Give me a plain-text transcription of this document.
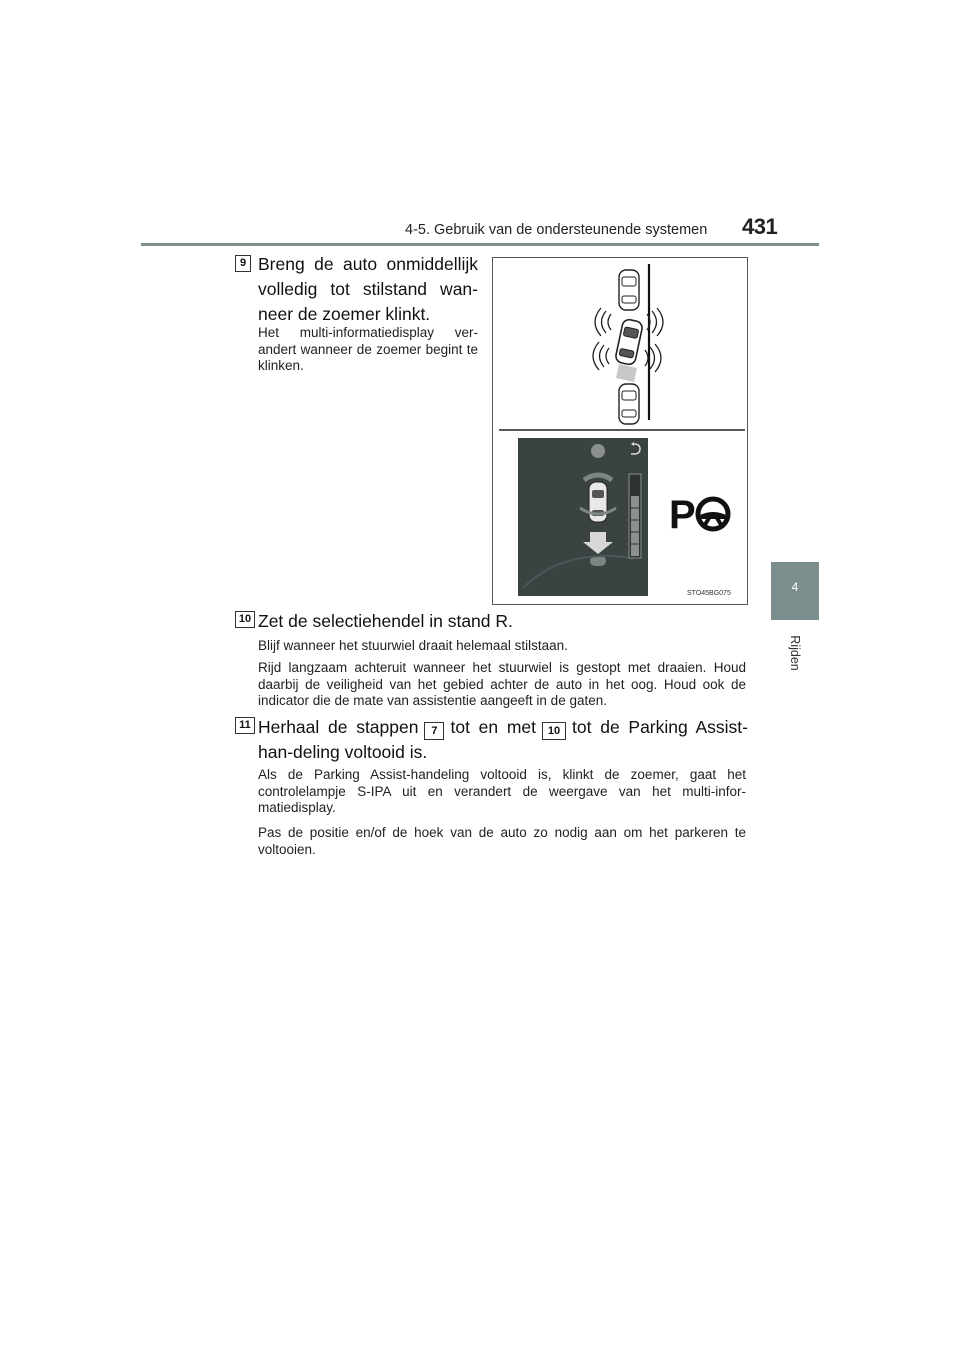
4-5. Gebruik van de ondersteunende systemen 431
4
Rijden
9 Breng de auto onmiddellijk volledig tot stilstand wan-neer de zoemer klinkt.
Het multi-informatiedisplay ver-andert wanneer de zoemer begint te klinken.
P
STO45BG075
10 Zet de selectiehendel in stand R.
Blijf wanneer het stuurwiel draait helemaal stilstaan.
Rijd langzaam achteruit wanneer het stuurwiel is gestopt met draaien. Houd daarbij de veiligheid van het gebied achter de auto in het oog. Houd ook de indicator die de mate van assistentie aangeeft in de gaten.
11 Herhaal de stappen 7 tot en met 10 tot de Parking Assist-han-deling voltooid is.
Als de Parking Assist-handeling voltooid is, klinkt de zoemer, gaat het controlelampje S-IPA uit en verandert de weergave van het multi-infor-matiedisplay.
Pas de positie en/of de hoek van de auto zo nodig aan om het parkeren te voltooien.
